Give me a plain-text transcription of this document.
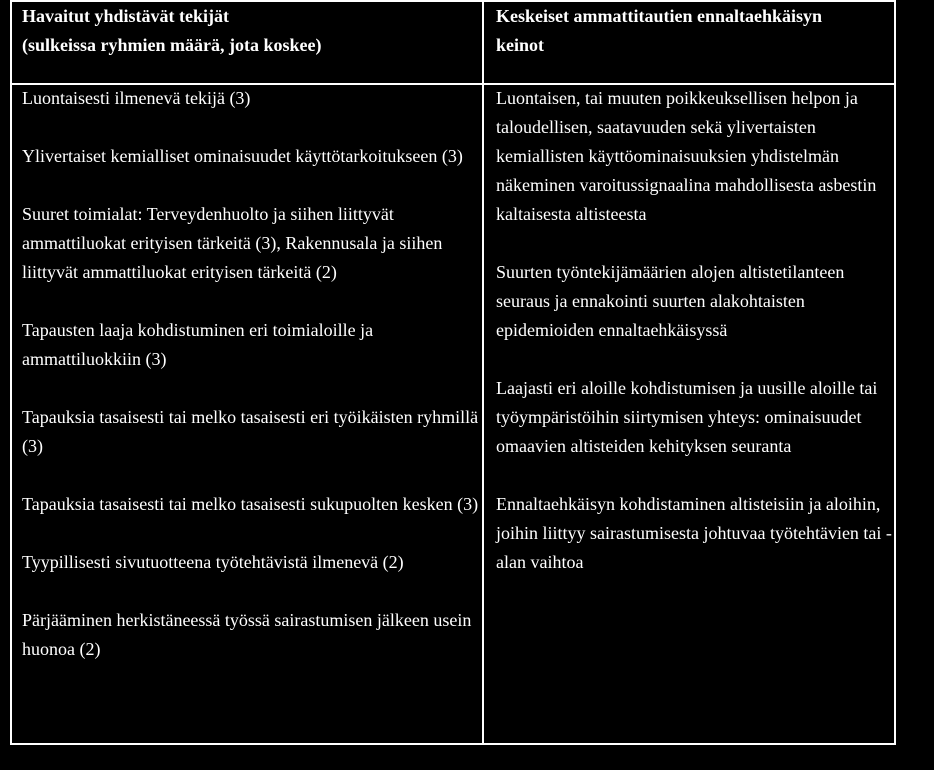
Havaitut yhdistävät tekijät
(sulkeissa ryhmien määrä, jota koskee)
Keskeiset ammattitautien ennaltaehkäisyn
keinot
Luontaisesti ilmenevä tekijä (3)
Ylivertaiset kemialliset ominaisuudet käyttötarkoitukseen (3)
Suuret toimialat: Terveydenhuolto ja siihen liittyvät ammattiluokat erityisen tärkeitä (3), Rakennusala ja siihen liittyvät ammattiluokat erityisen tärkeitä (2)
Tapausten laaja kohdistuminen eri toimialoille ja ammattiluokkiin (3)
Tapauksia tasaisesti tai melko tasaisesti eri työikäisten ryhmillä (3)
Tapauksia tasaisesti tai melko tasaisesti sukupuolten kesken (3)
Tyypillisesti sivutuotteena työtehtävistä ilmenevä (2)
Pärjääminen herkistäneessä työssä sairastumisen jälkeen usein huonoa (2)
Luontaisen, tai muuten poikkeuksellisen helpon ja taloudellisen, saatavuuden sekä ylivertaisten kemiallisten käyttöominaisuuksien yhdistelmän näkeminen varoitussignaalina mahdollisesta asbestin kaltaisesta altisteesta
Suurten työntekijämäärien alojen altistetilanteen seuraus ja ennakointi suurten alakohtaisten epidemioiden ennaltaehkäisyssä
Laajasti eri aloille kohdistumisen ja uusille aloille tai työympäristöihin siirtymisen yhteys: ominaisuudet omaavien altisteiden kehityksen seuranta
Ennaltaehkäisyn kohdistaminen altisteisiin ja aloihin, joihin liittyy sairastumisesta johtuvaa työtehtävien tai -alan vaihtoa
